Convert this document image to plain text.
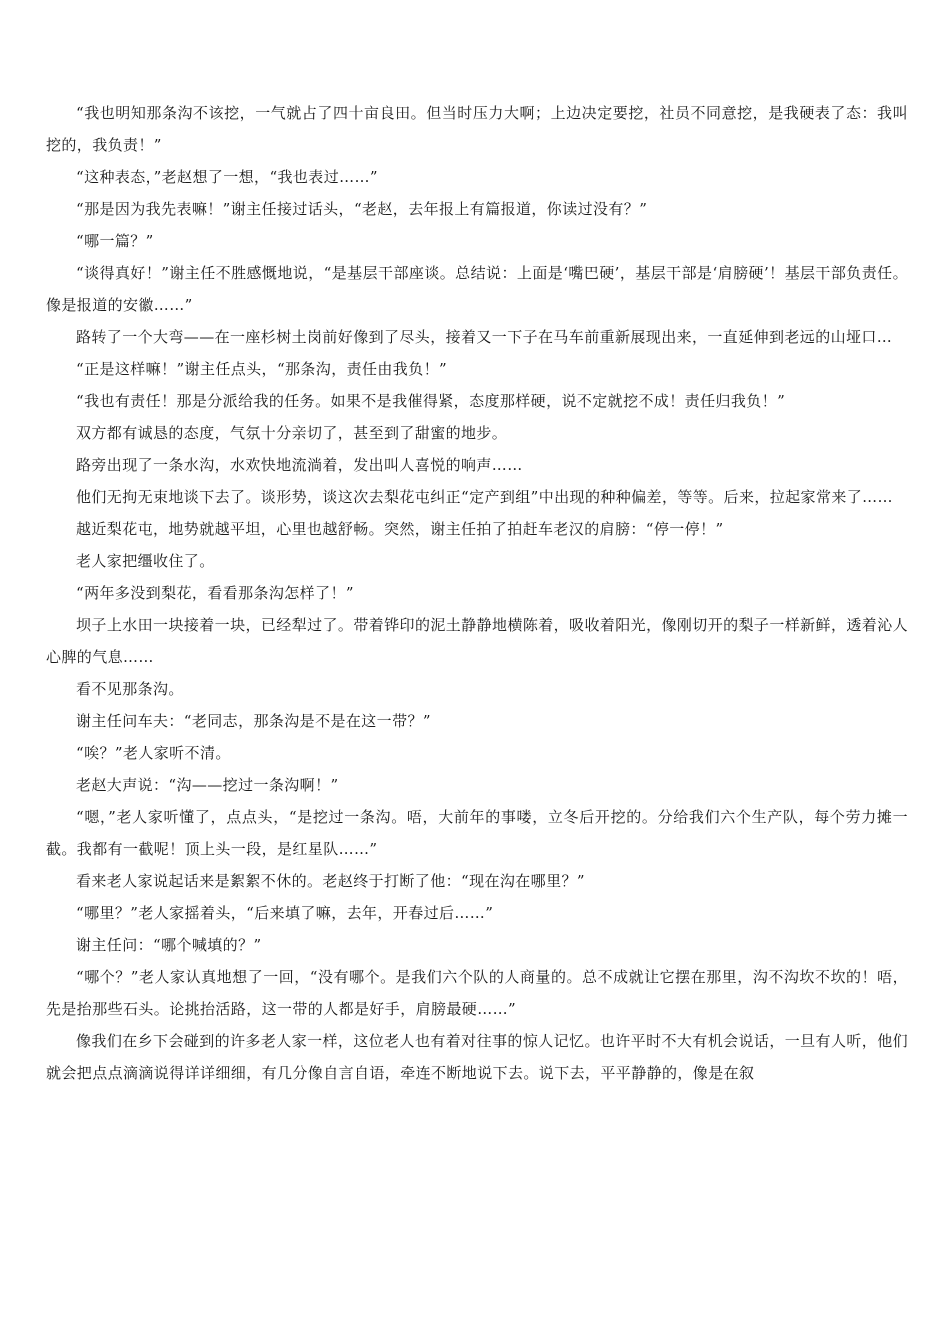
“我也明知那条沟不该挖，一气就占了四十亩良田。但当时压力大啊；上边决定要挖，社员不同意挖，是我硬表了态：我叫挖的，我负责！”

“这种表态，”老赵想了一想，“我也表过……”

“那是因为我先表嘛！”谢主任接过话头，“老赵，去年报上有篇报道，你读过没有？”

“哪一篇？”

“谈得真好！”谢主任不胜感慨地说，“是基层干部座谈。总结说：上面是‘嘴巴硬’，基层干部是‘肩膀硬’！基层干部负责任。像是报道的安徽……”

路转了一个大弯——在一座杉树土岗前好像到了尽头，接着又一下子在马车前重新展现出来，一直延伸到老远的山垭口…

“正是这样嘛！”谢主任点头，“那条沟，责任由我负！”

“我也有责任！那是分派给我的任务。如果不是我催得紧，态度那样硬，说不定就挖不成！责任归我负！”

双方都有诚恳的态度，气氛十分亲切了，甚至到了甜蜜的地步。

路旁出现了一条水沟，水欢快地流淌着，发出叫人喜悦的响声……

他们无拘无束地谈下去了。谈形势，谈这次去梨花屯纠正“定产到组”中出现的种种偏差，等等。后来，拉起家常来了……

越近梨花屯，地势就越平坦，心里也越舒畅。突然，谢主任拍了拍赶车老汉的肩膀：“停一停！”

老人家把缰收住了。

“两年多没到梨花，看看那条沟怎样了！”

坝子上水田一块接着一块，已经犁过了。带着铧印的泥土静静地横陈着，吸收着阳光，像刚切开的梨子一样新鲜，透着沁人心脾的气息……

看不见那条沟。

谢主任问车夫：“老同志，那条沟是不是在这一带？”

“唉？”老人家听不清。

老赵大声说：“沟——挖过一条沟啊！”

“嗯，”老人家听懂了，点点头，“是挖过一条沟。唔，大前年的事喽，立冬后开挖的。分给我们六个生产队，每个劳力摊一截。我都有一截呢！顶上头一段，是红星队……”

看来老人家说起话来是絮絮不休的。老赵终于打断了他：“现在沟在哪里？”

“哪里？”老人家摇着头，“后来填了嘛，去年，开春过后……”

谢主任问：“哪个喊填的？”

“哪个？”老人家认真地想了一回，“没有哪个。是我们六个队的人商量的。总不成就让它摆在那里，沟不沟坎不坎的！唔，先是抬那些石头。论挑抬活路，这一带的人都是好手，肩膀最硬……”

像我们在乡下会碰到的许多老人家一样，这位老人也有着对往事的惊人记忆。也许平时不大有机会说话，一旦有人听，他们就会把点点滴滴说得详详细细，有几分像自言自语，牵连不断地说下去。说下去，平平静静的，像是在叙
